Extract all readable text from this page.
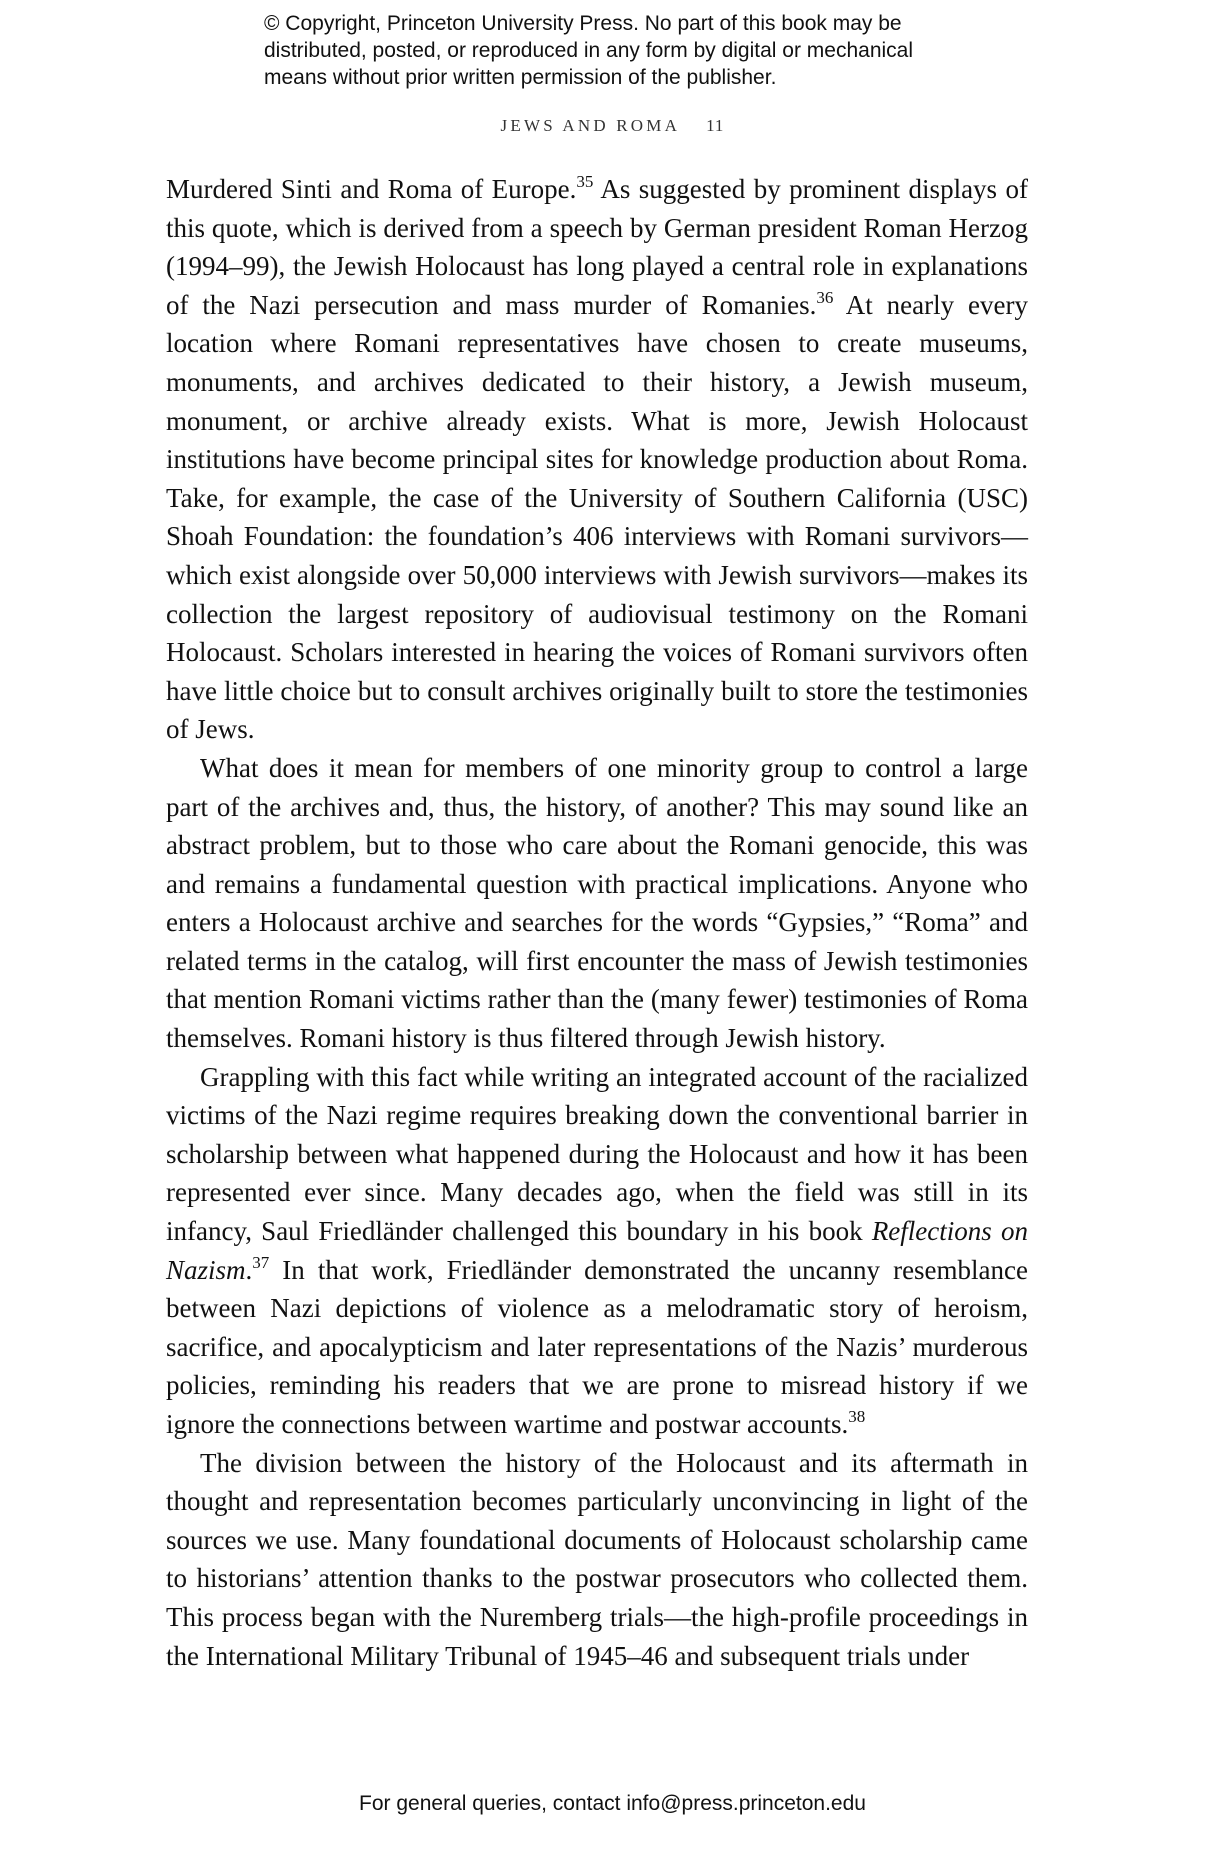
© Copyright, Princeton University Press. No part of this book may be
distributed, posted, or reproduced in any form by digital or mechanical
means without prior written permission of the publisher.
JEWS AND ROMA 11

Murdered Sinti and Roma of Europe.$^{35}$ As suggested by prominent displays of this quote, which is derived from a speech by German president Roman Herzog (1994–99), the Jewish Holocaust has long played a central role in explanations of the Nazi persecution and mass murder of Romanies.$^{36}$ At nearly every location where Romani representatives have chosen to create museums, monuments, and archives dedicated to their history, a Jewish museum, monument, or archive already exists. What is more, Jewish Holocaust institutions have become principal sites for knowledge production about Roma. Take, for example, the case of the University of Southern California (USC) Shoah Foundation: the foundation’s 406 interviews with Romani survivors—which exist alongside over 50,000 interviews with Jewish survivors—makes its collection the largest repository of audiovisual testimony on the Romani Holocaust. Scholars interested in hearing the voices of Romani survivors often have little choice but to consult archives originally built to store the testimonies of Jews.

What does it mean for members of one minority group to control a large part of the archives and, thus, the history, of another? This may sound like an abstract problem, but to those who care about the Romani genocide, this was and remains a fundamental question with practical implications. Anyone who enters a Holocaust archive and searches for the words “Gypsies,” “Roma” and related terms in the catalog, will first encounter the mass of Jewish testimonies that mention Romani victims rather than the (many fewer) testimonies of Roma themselves. Romani history is thus filtered through Jewish history.

Grappling with this fact while writing an integrated account of the racialized victims of the Nazi regime requires breaking down the conventional barrier in scholarship between what happened during the Holocaust and how it has been represented ever since. Many decades ago, when the field was still in its infancy, Saul Friedländer challenged this boundary in his book Reflections on Nazism.$^{37}$ In that work, Friedländer demonstrated the uncanny resemblance between Nazi depictions of violence as a melodramatic story of heroism, sacrifice, and apocalypticism and later representations of the Nazis’ murderous policies, reminding his readers that we are prone to misread history if we ignore the connections between wartime and postwar accounts.$^{38}$

The division between the history of the Holocaust and its aftermath in thought and representation becomes particularly unconvincing in light of the sources we use. Many foundational documents of Holocaust scholarship came to historians’ attention thanks to the postwar prosecutors who collected them. This process began with the Nuremberg trials—the high-profile proceedings in the International Military Tribunal of 1945–46 and subsequent trials under

For general queries, contact info@press.princeton.edu
